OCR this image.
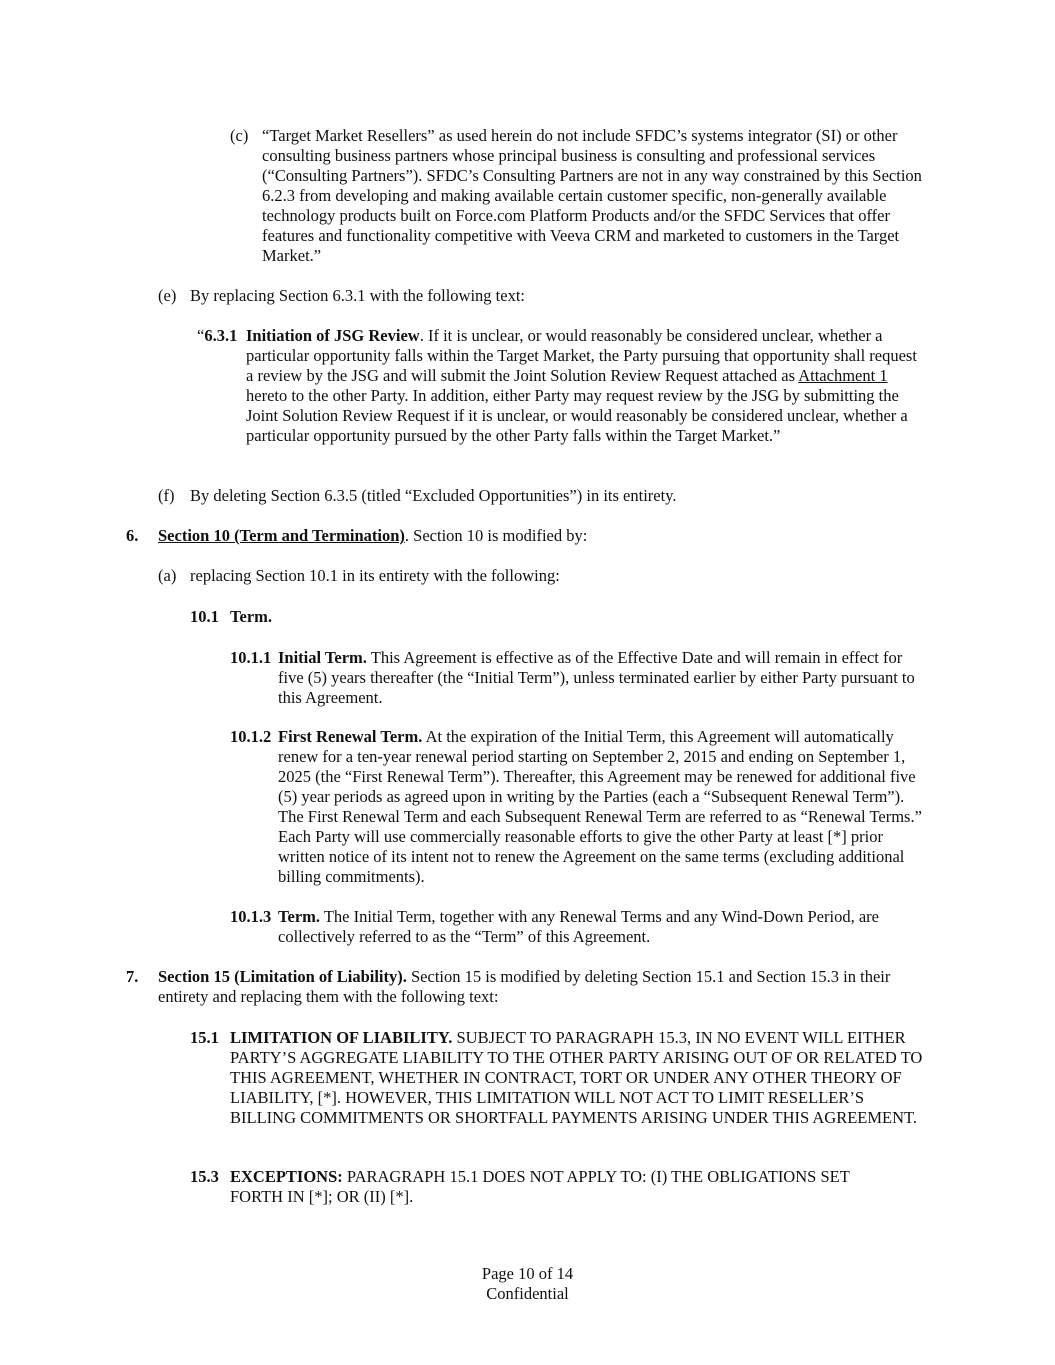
(c) “Target Market Resellers” as used herein do not include SFDC’s systems integrator (SI) or other consulting business partners whose principal business is consulting and professional services (“Consulting Partners”). SFDC’s Consulting Partners are not in any way constrained by this Section 6.2.3 from developing and making available certain customer specific, non-generally available technology products built on Force.com Platform Products and/or the SFDC Services that offer features and functionality competitive with Veeva CRM and marketed to customers in the Target Market.”
(e) By replacing Section 6.3.1 with the following text:
“6.3.1 Initiation of JSG Review. If it is unclear, or would reasonably be considered unclear, whether a particular opportunity falls within the Target Market, the Party pursuing that opportunity shall request a review by the JSG and will submit the Joint Solution Review Request attached as Attachment 1 hereto to the other Party. In addition, either Party may request review by the JSG by submitting the Joint Solution Review Request if it is unclear, or would reasonably be considered unclear, whether a particular opportunity pursued by the other Party falls within the Target Market.”
(f) By deleting Section 6.3.5 (titled “Excluded Opportunities”) in its entirety.
6. Section 10 (Term and Termination). Section 10 is modified by:
(a) replacing Section 10.1 in its entirety with the following:
10.1 Term.
10.1.1 Initial Term. This Agreement is effective as of the Effective Date and will remain in effect for five (5) years thereafter (the “Initial Term”), unless terminated earlier by either Party pursuant to this Agreement.
10.1.2 First Renewal Term. At the expiration of the Initial Term, this Agreement will automatically renew for a ten-year renewal period starting on September 2, 2015 and ending on September 1, 2025 (the “First Renewal Term”). Thereafter, this Agreement may be renewed for additional five (5) year periods as agreed upon in writing by the Parties (each a “Subsequent Renewal Term”). The First Renewal Term and each Subsequent Renewal Term are referred to as “Renewal Terms.” Each Party will use commercially reasonable efforts to give the other Party at least [*] prior written notice of its intent not to renew the Agreement on the same terms (excluding additional billing commitments).
10.1.3 Term. The Initial Term, together with any Renewal Terms and any Wind-Down Period, are collectively referred to as the “Term” of this Agreement.
7. Section 15 (Limitation of Liability). Section 15 is modified by deleting Section 15.1 and Section 15.3 in their entirety and replacing them with the following text:
15.1 LIMITATION OF LIABILITY. SUBJECT TO PARAGRAPH 15.3, IN NO EVENT WILL EITHER PARTY’S AGGREGATE LIABILITY TO THE OTHER PARTY ARISING OUT OF OR RELATED TO THIS AGREEMENT, WHETHER IN CONTRACT, TORT OR UNDER ANY OTHER THEORY OF LIABILITY, [*]. HOWEVER, THIS LIMITATION WILL NOT ACT TO LIMIT RESELLER’S BILLING COMMITMENTS OR SHORTFALL PAYMENTS ARISING UNDER THIS AGREEMENT.
15.3 EXCEPTIONS: PARAGRAPH 15.1 DOES NOT APPLY TO: (I) THE OBLIGATIONS SET FORTH IN [*]; OR (II) [*].
Page 10 of 14
Confidential
